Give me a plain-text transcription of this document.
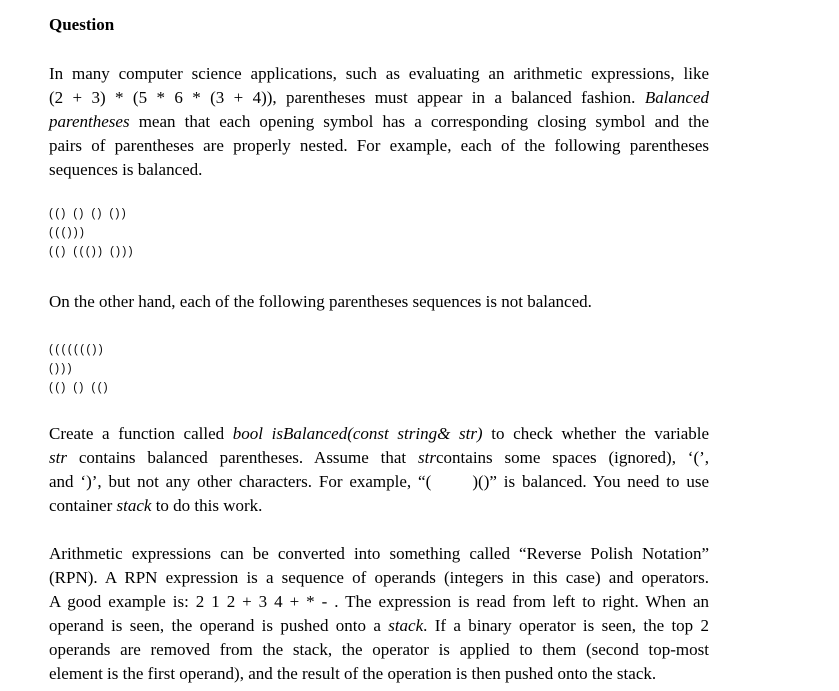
Question

In many computer science applications, such as evaluating an arithmetic expressions, like
(2 + 3) * (5 * 6 * (3 + 4)), parentheses must appear in a balanced fashion. Balanced
parentheses mean that each opening symbol has a corresponding closing symbol and the
pairs of parentheses are properly nested. For example, each of the following parentheses
sequences is balanced.

(() () () ())
((()))
(() ((()) ()))

On the other hand, each of the following parentheses sequences is not balanced.

((((((())
()))
(() () (()

Create a function called bool isBalanced(const string& str) to check whether the variable
str contains balanced parentheses. Assume that strcontains some spaces (ignored), ‘(’,
and ‘)’, but not any other characters. For example, “(      )()” is balanced. You need to use
container stack to do this work.

Arithmetic expressions can be converted into something called “Reverse Polish Notation”
(RPN). A RPN expression is a sequence of operands (integers in this case) and operators.
A good example is: 2 1 2 + 3 4 + * - . The expression is read from left to right. When an
operand is seen, the operand is pushed onto a stack. If a binary operator is seen, the top 2
operands are removed from the stack, the operator is applied to them (second top-most
element is the first operand), and the result of the operation is then pushed onto the stack.
